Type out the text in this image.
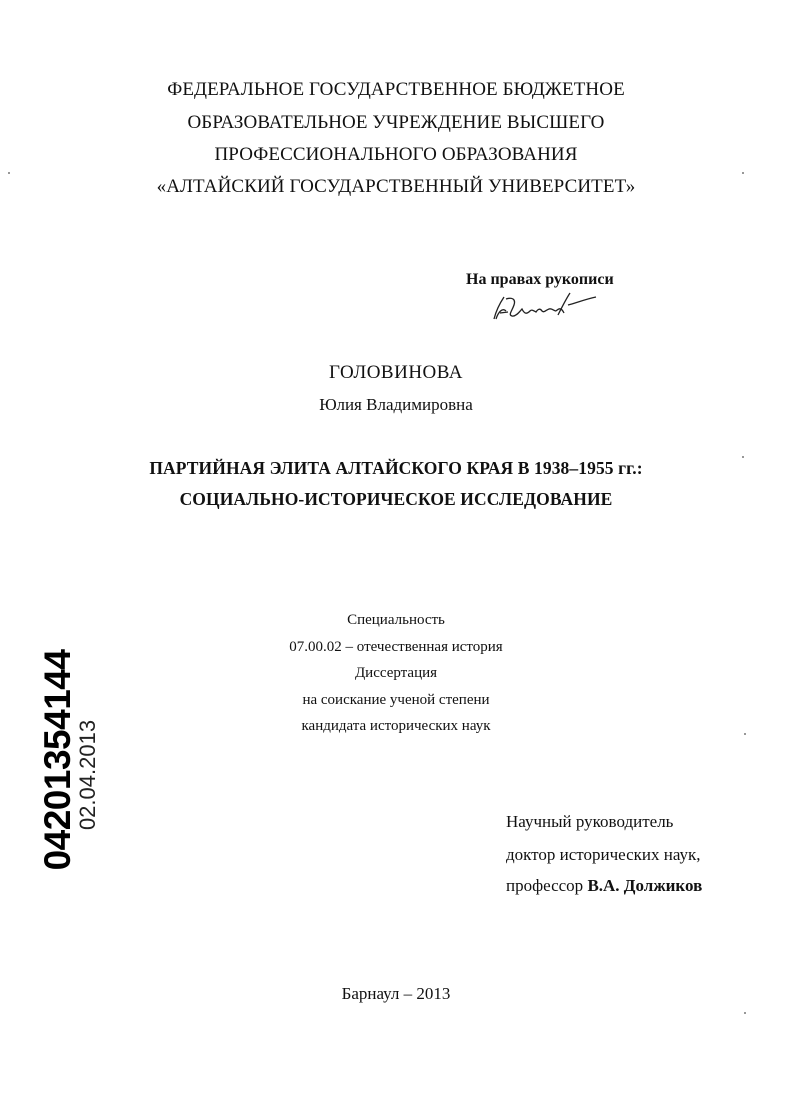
ФЕДЕРАЛЬНОЕ ГОСУДАРСТВЕННОЕ БЮДЖЕТНОЕ
ОБРАЗОВАТЕЛЬНОЕ УЧРЕЖДЕНИЕ ВЫСШЕГО
ПРОФЕССИОНАЛЬНОГО ОБРАЗОВАНИЯ
«АЛТАЙСКИЙ ГОСУДАРСТВЕННЫЙ УНИВЕРСИТЕТ»
На правах рукописи
ГОЛОВИНОВА
Юлия Владимировна
ПАРТИЙНАЯ ЭЛИТА АЛТАЙСКОГО КРАЯ В 1938–1955 гг.:
СОЦИАЛЬНО-ИСТОРИЧЕСКОЕ ИССЛЕДОВАНИЕ
Специальность
07.00.02 – отечественная история
Диссертация
на соискание ученой степени
кандидата исторических наук
Научный руководитель
доктор исторических наук,
профессор В.А. Должиков
Барнаул – 2013
04201354144
02.04.2013
